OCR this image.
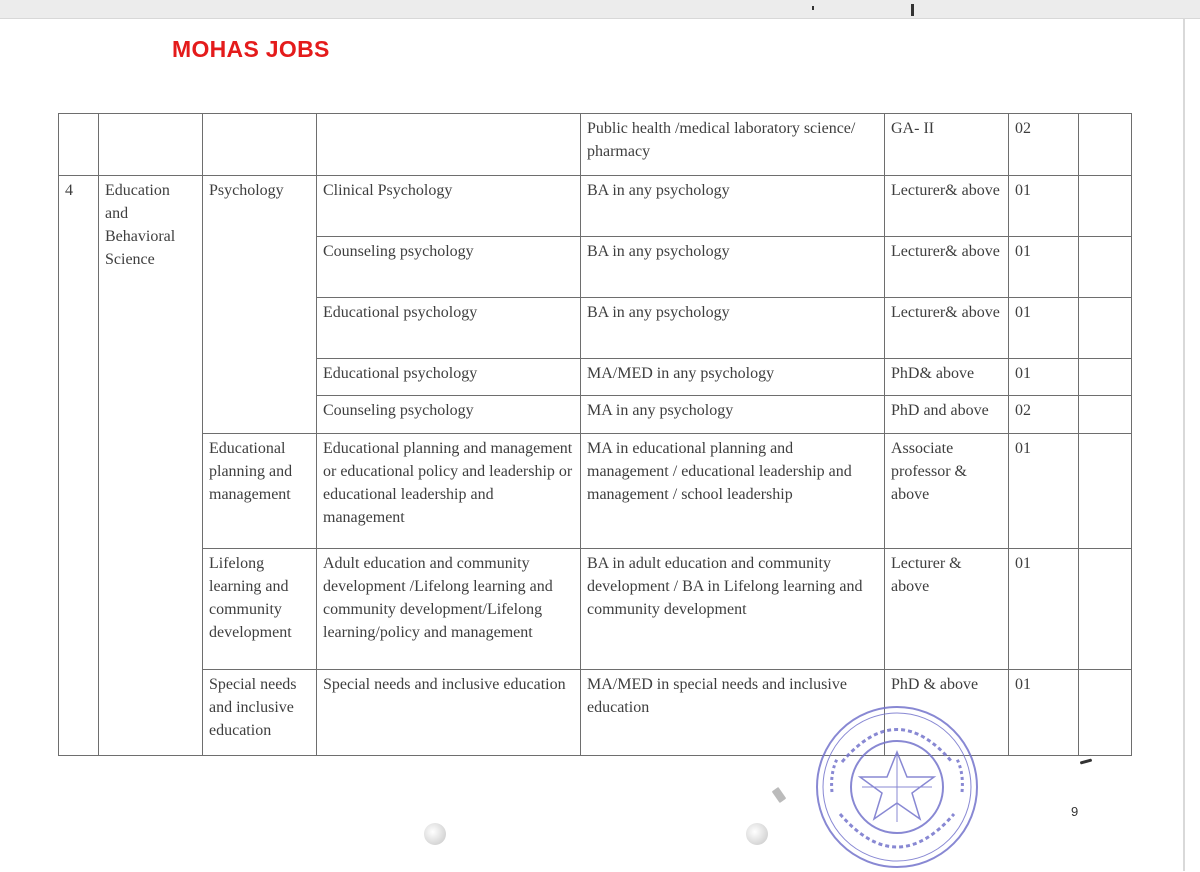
MOHAS JOBS
				Public health /medical laboratory science/ pharmacy	GA- II	02	
4	Education and Behavioral Science	Psychology	Clinical Psychology	BA in any psychology	Lecturer& above	01	
			Counseling psychology	BA in any psychology	Lecturer& above	01	
			Educational psychology	BA in any psychology	Lecturer& above	01	
			Educational psychology	MA/MED in any psychology	PhD& above	01	
			Counseling psychology	MA in any psychology	PhD and above	02	
		Educational planning and management	Educational planning and management or educational policy and leadership or educational leadership and management	MA in educational planning and management / educational leadership and management / school leadership	Associate professor & above	01	
		Lifelong learning and community development	Adult education and community development /Lifelong learning and community development/Lifelong learning/policy and management	BA in adult education and community development / BA in Lifelong learning and community development	Lecturer & above	01	
		Special needs and inclusive education	Special needs and inclusive education	MA/MED in special needs and inclusive education	PhD & above	01	
9
